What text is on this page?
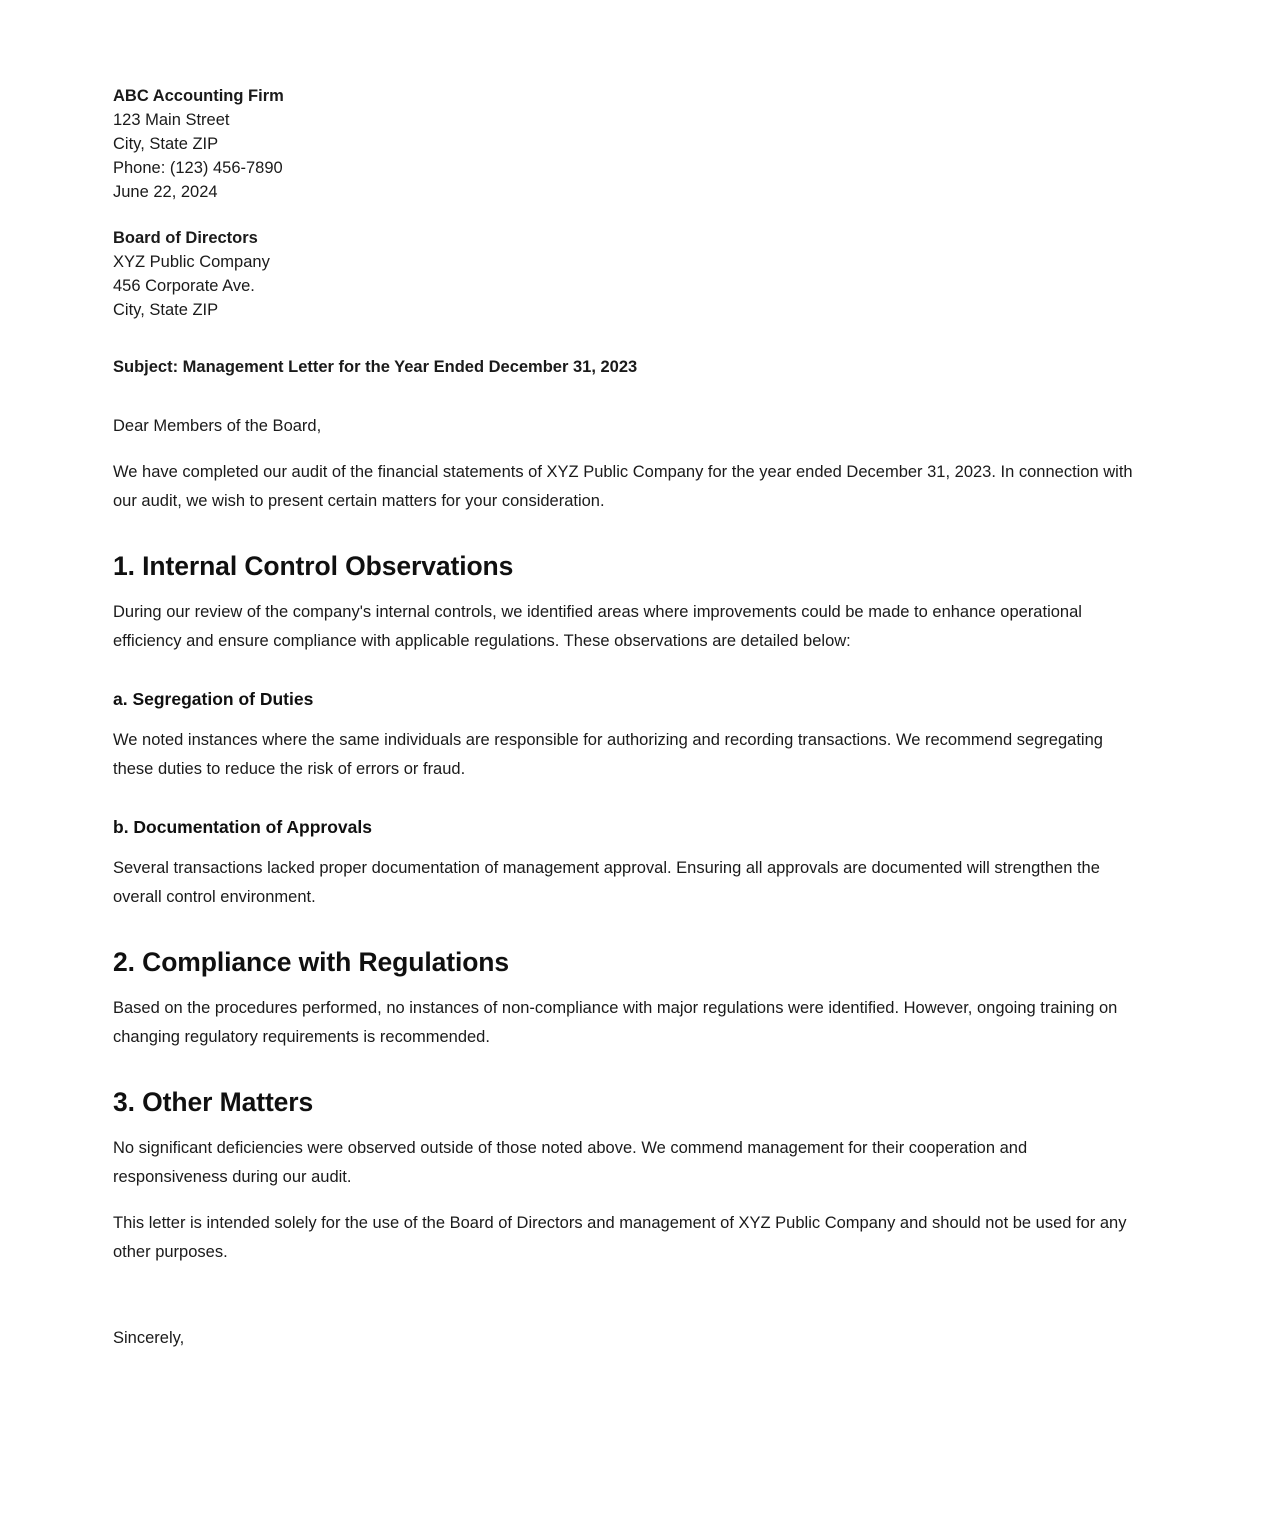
ABC Accounting Firm
123 Main Street
City, State ZIP
Phone: (123) 456-7890
June 22, 2024
Board of Directors
XYZ Public Company
456 Corporate Ave.
City, State ZIP
Subject: Management Letter for the Year Ended December 31, 2023

Dear Members of the Board,

We have completed our audit of the financial statements of XYZ Public Company for the year ended December 31, 2023. In connection with our audit, we wish to present certain matters for your consideration.

1. Internal Control Observations

During our review of the company's internal controls, we identified areas where improvements could be made to enhance operational efficiency and ensure compliance with applicable regulations. These observations are detailed below:

a. Segregation of Duties

We noted instances where the same individuals are responsible for authorizing and recording transactions. We recommend segregating these duties to reduce the risk of errors or fraud.

b. Documentation of Approvals

Several transactions lacked proper documentation of management approval. Ensuring all approvals are documented will strengthen the overall control environment.

2. Compliance with Regulations

Based on the procedures performed, no instances of non-compliance with major regulations were identified. However, ongoing training on changing regulatory requirements is recommended.

3. Other Matters

No significant deficiencies were observed outside of those noted above. We commend management for their cooperation and responsiveness during our audit.

This letter is intended solely for the use of the Board of Directors and management of XYZ Public Company and should not be used for any other purposes.

Sincerely,
